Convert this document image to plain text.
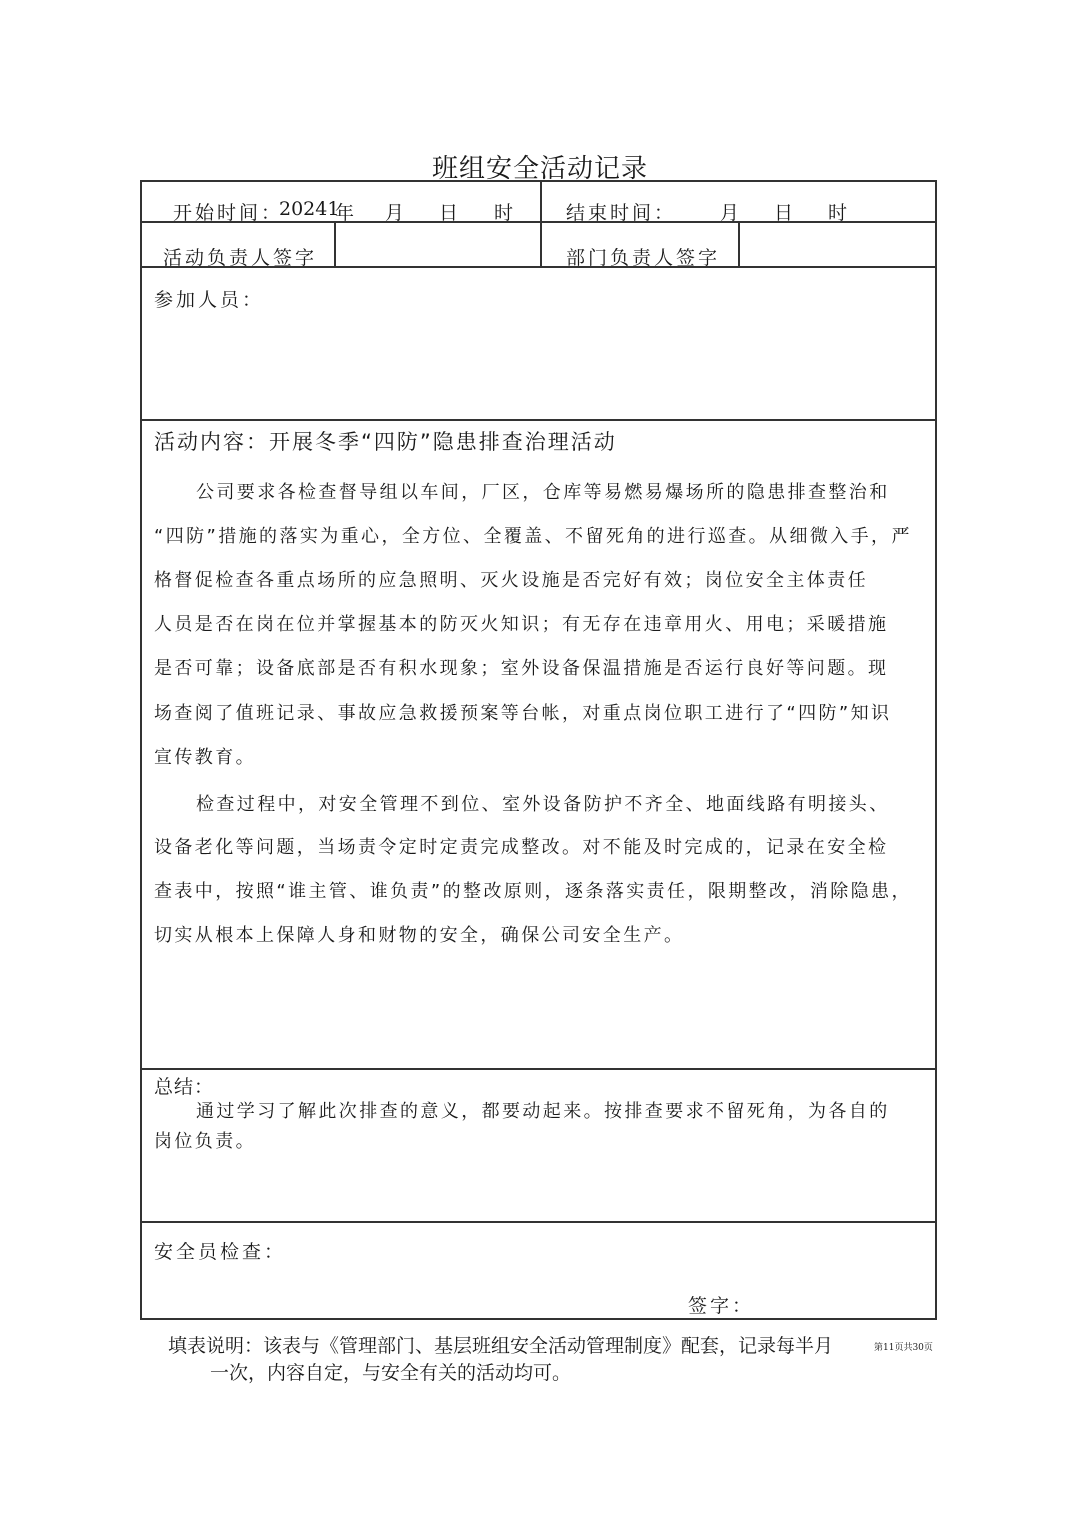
班组安全活动记录
开始时间：
20241
年 月 日 时	结束时间： 月 日 时
活动负责人签字	部门负责人签字
参加人员：
活动内容：开展冬季“四防”隐患排查治理活动
公司要求各检查督导组以车间，厂区，仓库等易燃易爆场所的隐患排查整治和
“四防”措施的落实为重心，全方位、全覆盖、不留死角的进行巡查。从细微入手，严
格督促检查各重点场所的应急照明、灭火设施是否完好有效；岗位安全主体责任
人员是否在岗在位并掌握基本的防灭火知识；有无存在违章用火、用电；采暖措施
是否可靠；设备底部是否有积水现象；室外设备保温措施是否运行良好等问题。现
场查阅了值班记录、事故应急救援预案等台帐，对重点岗位职工进行了“四防”知识
宣传教育。
检查过程中，对安全管理不到位、室外设备防护不齐全、地面线路有明接头、
设备老化等问题，当场责令定时定责完成整改。对不能及时完成的，记录在安全检
查表中，按照“谁主管、谁负责”的整改原则，逐条落实责任，限期整改，消除隐患，
切实从根本上保障人身和财物的安全，确保公司安全生产。
总结：
通过学习了解此次排查的意义，都要动起来。按排查要求不留死角，为各自的
岗位负责。
安全员检查：
签字：
填表说明：该表与《管理部门、基层班组安全活动管理制度》配套，记录每半月
一次，内容自定，与安全有关的活动均可。
第11页共30页
